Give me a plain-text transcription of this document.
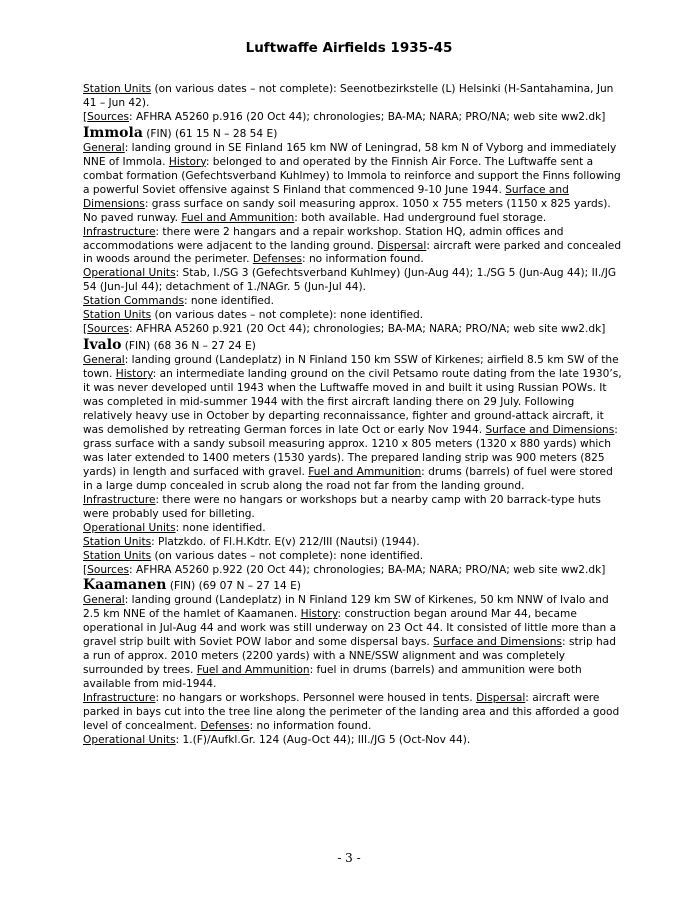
Luftwaffe Airfields 1935-45

Station Units (on various dates – not complete): Seenotbezirkstelle (L) Helsinki (H-Santahamina, Jun 41 – Jun 42).

[Sources: AFHRA A5260 p.916 (20 Oct 44); chronologies; BA-MA; NARA; PRO/NA; web site ww2.dk]

Immola (FIN) (61 15 N – 28 54 E)

General: landing ground in SE Finland 165 km NW of Leningrad, 58 km N of Vyborg and immediately NNE of Immola. History: belonged to and operated by the Finnish Air Force. The Luftwaffe sent a combat formation (Gefechtsverband Kuhlmey) to Immola to reinforce and support the Finns following a powerful Soviet offensive against S Finland that commenced 9-10 June 1944. Surface and Dimensions: grass surface on sandy soil measuring approx. 1050 x 755 meters (1150 x 825 yards). No paved runway. Fuel and Ammunition: both available. Had underground fuel storage. Infrastructure: there were 2 hangars and a repair workshop. Station HQ, admin offices and accommodations were adjacent to the landing ground. Dispersal: aircraft were parked and concealed in woods around the perimeter. Defenses: no information found.

Operational Units: Stab, I./SG 3 (Gefechtsverband Kuhlmey) (Jun-Aug 44); 1./SG 5 (Jun-Aug 44); II./JG 54 (Jun-Jul 44); detachment of 1./NAGr. 5 (Jun-Jul 44).

Station Commands: none identified.

Station Units (on various dates – not complete): none identified.

[Sources: AFHRA A5260 p.921 (20 Oct 44); chronologies; BA-MA; NARA; PRO/NA; web site ww2.dk]

Ivalo (FIN) (68 36 N – 27 24 E)

General: landing ground (Landeplatz) in N Finland 150 km SSW of Kirkenes; airfield 8.5 km SW of the town. History: an intermediate landing ground on the civil Petsamo route dating from the late 1930’s, it was never developed until 1943 when the Luftwaffe moved in and built it using Russian POWs. It was completed in mid-summer 1944 with the first aircraft landing there on 29 July. Following relatively heavy use in October by departing reconnaissance, fighter and ground-attack aircraft, it was demolished by retreating German forces in late Oct or early Nov 1944. Surface and Dimensions: grass surface with a sandy subsoil measuring approx. 1210 x 805 meters (1320 x 880 yards) which was later extended to 1400 meters (1530 yards). The prepared landing strip was 900 meters (825 yards) in length and surfaced with gravel. Fuel and Ammunition: drums (barrels) of fuel were stored in a large dump concealed in scrub along the road not far from the landing ground.

Infrastructure: there were no hangars or workshops but a nearby camp with 20 barrack-type huts were probably used for billeting.

Operational Units: none identified.

Station Units: Platzkdo. of Fl.H.Kdtr. E(v) 212/III (Nautsi) (1944).

Station Units (on various dates – not complete): none identified.

[Sources: AFHRA A5260 p.922 (20 Oct 44); chronologies; BA-MA; NARA; PRO/NA; web site ww2.dk]

Kaamanen (FIN) (69 07 N – 27 14 E)

General: landing ground (Landeplatz) in N Finland 129 km SW of Kirkenes, 50 km NNW of Ivalo and 2.5 km NNE of the hamlet of Kaamanen. History: construction began around Mar 44, became operational in Jul-Aug 44 and work was still underway on 23 Oct 44. It consisted of little more than a gravel strip built with Soviet POW labor and some dispersal bays. Surface and Dimensions: strip had a run of approx. 2010 meters (2200 yards) with a NNE/SSW alignment and was completely surrounded by trees. Fuel and Ammunition: fuel in drums (barrels) and ammunition were both available from mid-1944.

Infrastructure: no hangars or workshops. Personnel were housed in tents. Dispersal: aircraft were parked in bays cut into the tree line along the perimeter of the landing area and this afforded a good level of concealment. Defenses: no information found.

Operational Units: 1.(F)/Aufkl.Gr. 124 (Aug-Oct 44); III./JG 5 (Oct-Nov 44).

- 3 -
